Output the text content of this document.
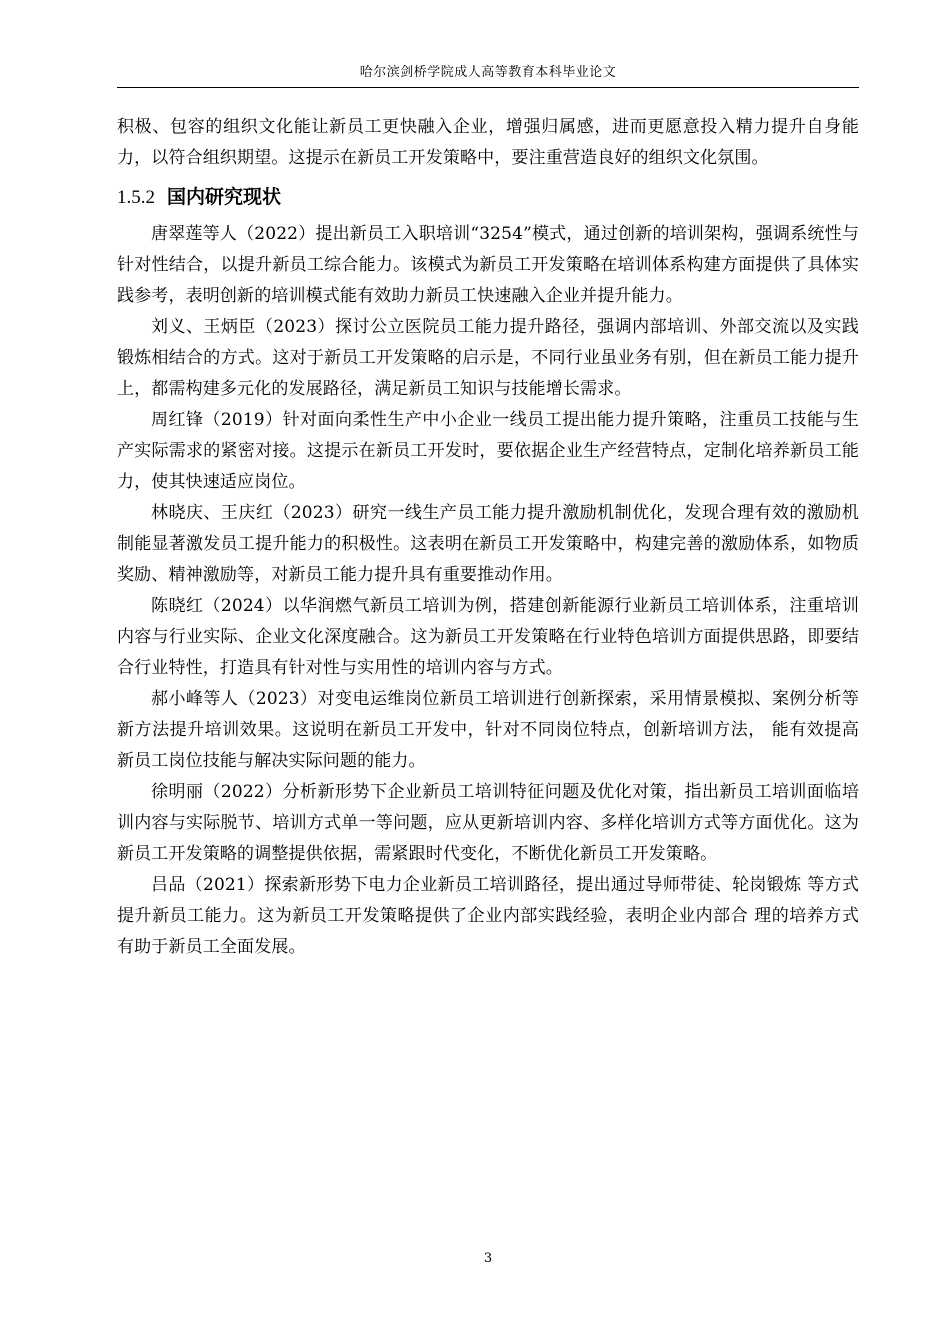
哈尔滨剑桥学院成人高等教育本科毕业论文

积极、包容的组织文化能让新员工更快融入企业，增强归属感，进而更愿意投入精力提升自身能力，以符合组织期望。这提示在新员工开发策略中，要注重营造良好的组织文化氛围。

1.5.2 国内研究现状

唐翠莲等人（2022）提出新员工入职培训“3254”模式，通过创新的培训架构，强调系统性与针对性结合，以提升新员工综合能力。该模式为新员工开发策略在培训体系构建方面提供了具体实践参考，表明创新的培训模式能有效助力新员工快速融入企业并提升能力。

刘义、王炳臣（2023）探讨公立医院员工能力提升路径，强调内部培训、外部交流以及实践锻炼相结合的方式。这对于新员工开发策略的启示是，不同行业虽业务有别，但在新员工能力提升上，都需构建多元化的发展路径，满足新员工知识与技能增长需求。

周红锋（2019）针对面向柔性生产中小企业一线员工提出能力提升策略，注重员工技能与生产实际需求的紧密对接。这提示在新员工开发时，要依据企业生产经营特点，定制化培养新员工能力，使其快速适应岗位。

林晓庆、王庆红（2023）研究一线生产员工能力提升激励机制优化，发现合理有效的激励机制能显著激发员工提升能力的积极性。这表明在新员工开发策略中，构建完善的激励体系，如物质奖励、精神激励等，对新员工能力提升具有重要推动作用。

陈晓红（2024）以华润燃气新员工培训为例，搭建创新能源行业新员工培训体系，注重培训内容与行业实际、企业文化深度融合。这为新员工开发策略在行业特色培训方面提供思路，即要结合行业特性，打造具有针对性与实用性的培训内容与方式。

郝小峰等人（2023）对变电运维岗位新员工培训进行创新探索，采用情景模拟、案例分析等新方法提升培训效果。这说明在新员工开发中，针对不同岗位特点，创新培训方法， 能有效提高新员工岗位技能与解决实际问题的能力。

徐明丽（2022）分析新形势下企业新员工培训特征问题及优化对策，指出新员工培训面临培训内容与实际脱节、培训方式单一等问题，应从更新培训内容、多样化培训方式等方面优化。这为新员工开发策略的调整提供依据，需紧跟时代变化，不断优化新员工开发策略。

吕品（2021）探索新形势下电力企业新员工培训路径，提出通过导师带徒、轮岗锻炼 等方式提升新员工能力。这为新员工开发策略提供了企业内部实践经验，表明企业内部合 理的培养方式有助于新员工全面发展。

3
